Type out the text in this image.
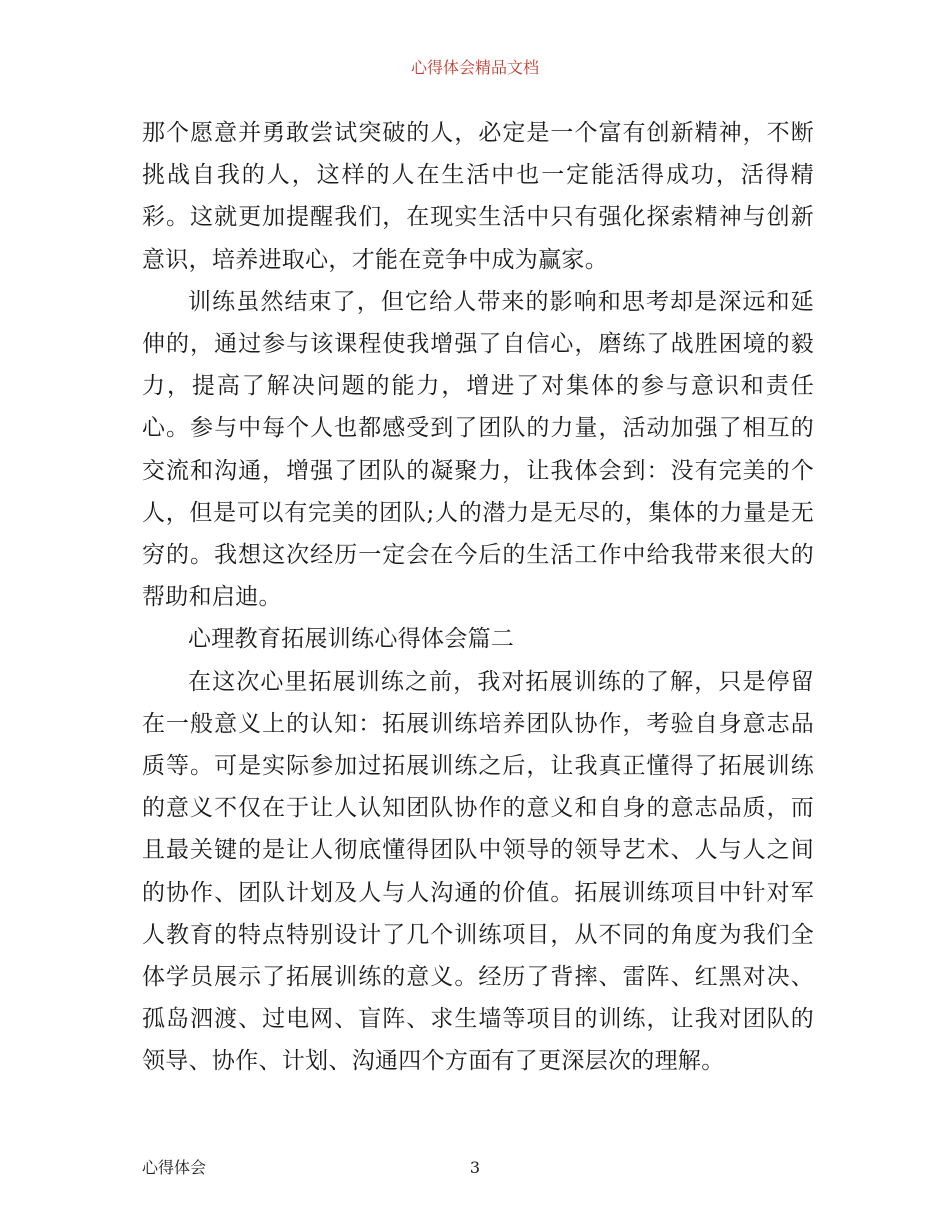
心得体会精品文档

那个愿意并勇敢尝试突破的人，必定是一个富有创新精神，不断挑战自我的人，这样的人在生活中也一定能活得成功，活得精彩。这就更加提醒我们，在现实生活中只有强化探索精神与创新意识，培养进取心，才能在竞争中成为赢家。

训练虽然结束了，但它给人带来的影响和思考却是深远和延伸的，通过参与该课程使我增强了自信心，磨练了战胜困境的毅力，提高了解决问题的能力，增进了对集体的参与意识和责任心。参与中每个人也都感受到了团队的力量，活动加强了相互的交流和沟通，增强了团队的凝聚力，让我体会到：没有完美的个人，但是可以有完美的团队;人的潜力是无尽的，集体的力量是无穷的。我想这次经历一定会在今后的生活工作中给我带来很大的帮助和启迪。

心理教育拓展训练心得体会篇二

在这次心里拓展训练之前，我对拓展训练的了解，只是停留在一般意义上的认知：拓展训练培养团队协作，考验自身意志品质等。可是实际参加过拓展训练之后，让我真正懂得了拓展训练的意义不仅在于让人认知团队协作的意义和自身的意志品质，而且最关键的是让人彻底懂得团队中领导的领导艺术、人与人之间的协作、团队计划及人与人沟通的价值。拓展训练项目中针对军人教育的特点特别设计了几个训练项目，从不同的角度为我们全体学员展示了拓展训练的意义。经历了背摔、雷阵、红黑对决、孤岛泗渡、过电网、盲阵、求生墙等项目的训练，让我对团队的领导、协作、计划、沟通四个方面有了更深层次的理解。

心得体会	3
